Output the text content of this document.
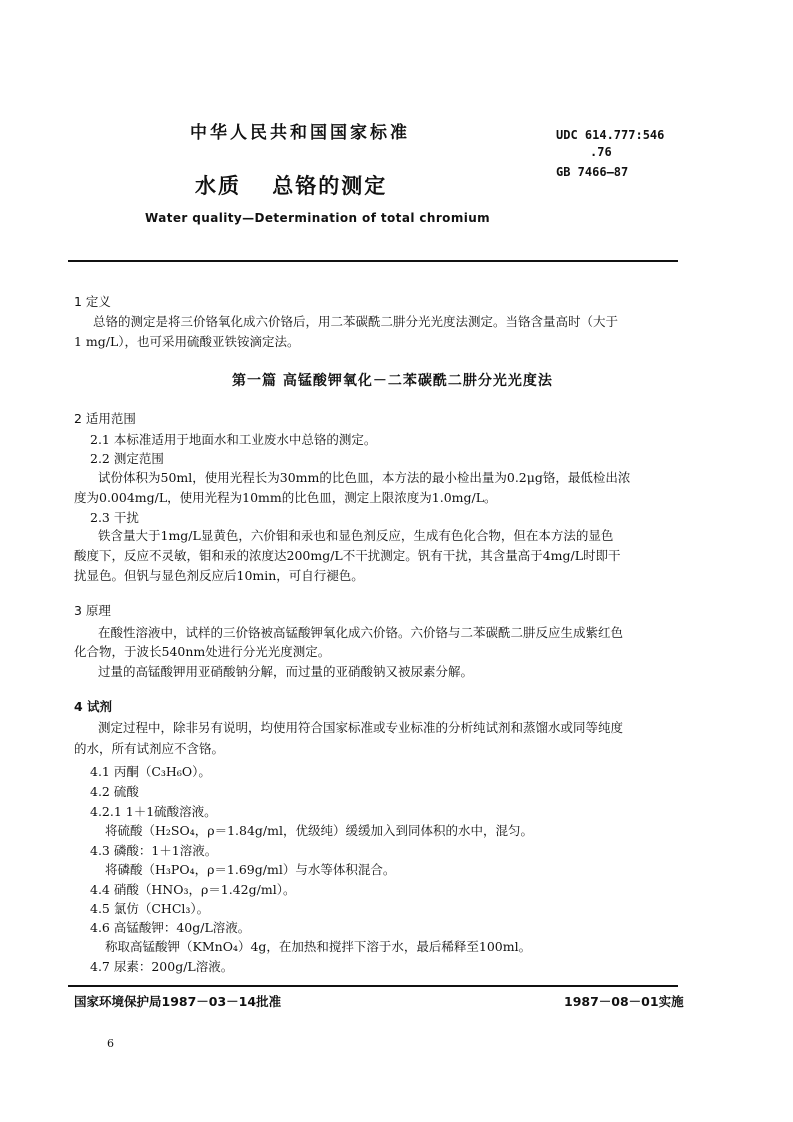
中华人民共和国国家标准
水质 总铬的测定
Water quality—Determination of total chromium
UDC 614.777:546
.76
GB 7466—87
1 定义
总铬的测定是将三价铬氧化成六价铬后，用二苯碳酰二肼分光光度法测定。当铬含量高时（大于
1 mg/L），也可采用硫酸亚铁铵滴定法。
第一篇 高锰酸钾氧化－二苯碳酰二肼分光光度法
2 适用范围
2.1 本标准适用于地面水和工业废水中总铬的测定。
2.2 测定范围
试份体积为50ml，使用光程长为30mm的比色皿，本方法的最小检出量为0.2μg铬，最低检出浓
度为0.004mg/L，使用光程为10mm的比色皿，测定上限浓度为1.0mg/L。
2.3 干扰
铁含量大于1mg/L显黄色，六价钼和汞也和显色剂反应，生成有色化合物，但在本方法的显色
酸度下，反应不灵敏，钼和汞的浓度达200mg/L不干扰测定。钒有干扰，其含量高于4mg/L时即干
扰显色。但钒与显色剂反应后10min，可自行褪色。
3 原理
在酸性溶液中，试样的三价铬被高锰酸钾氧化成六价铬。六价铬与二苯碳酰二肼反应生成紫红色
化合物，于波长540nm处进行分光光度测定。
过量的高锰酸钾用亚硝酸钠分解，而过量的亚硝酸钠又被尿素分解。
4 试剂
测定过程中，除非另有说明，均使用符合国家标准或专业标准的分析纯试剂和蒸馏水或同等纯度
的水，所有试剂应不含铬。
4.1 丙酮（C₃H₆O）。
4.2 硫酸
4.2.1 1＋1硫酸溶液。
将硫酸（H₂SO₄，ρ＝1.84g/ml，优级纯）缓缓加入到同体积的水中，混匀。
4.3 磷酸：1＋1溶液。
将磷酸（H₃PO₄，ρ＝1.69g/ml）与水等体积混合。
4.4 硝酸（HNO₃，ρ＝1.42g/ml）。
4.5 氯仿（CHCl₃）。
4.6 高锰酸钾：40g/L溶液。
称取高锰酸钾（KMnO₄）4g，在加热和搅拌下溶于水，最后稀释至100ml。
4.7 尿素：200g/L溶液。
国家环境保护局1987－03－14批准	1987－08－01实施
6
